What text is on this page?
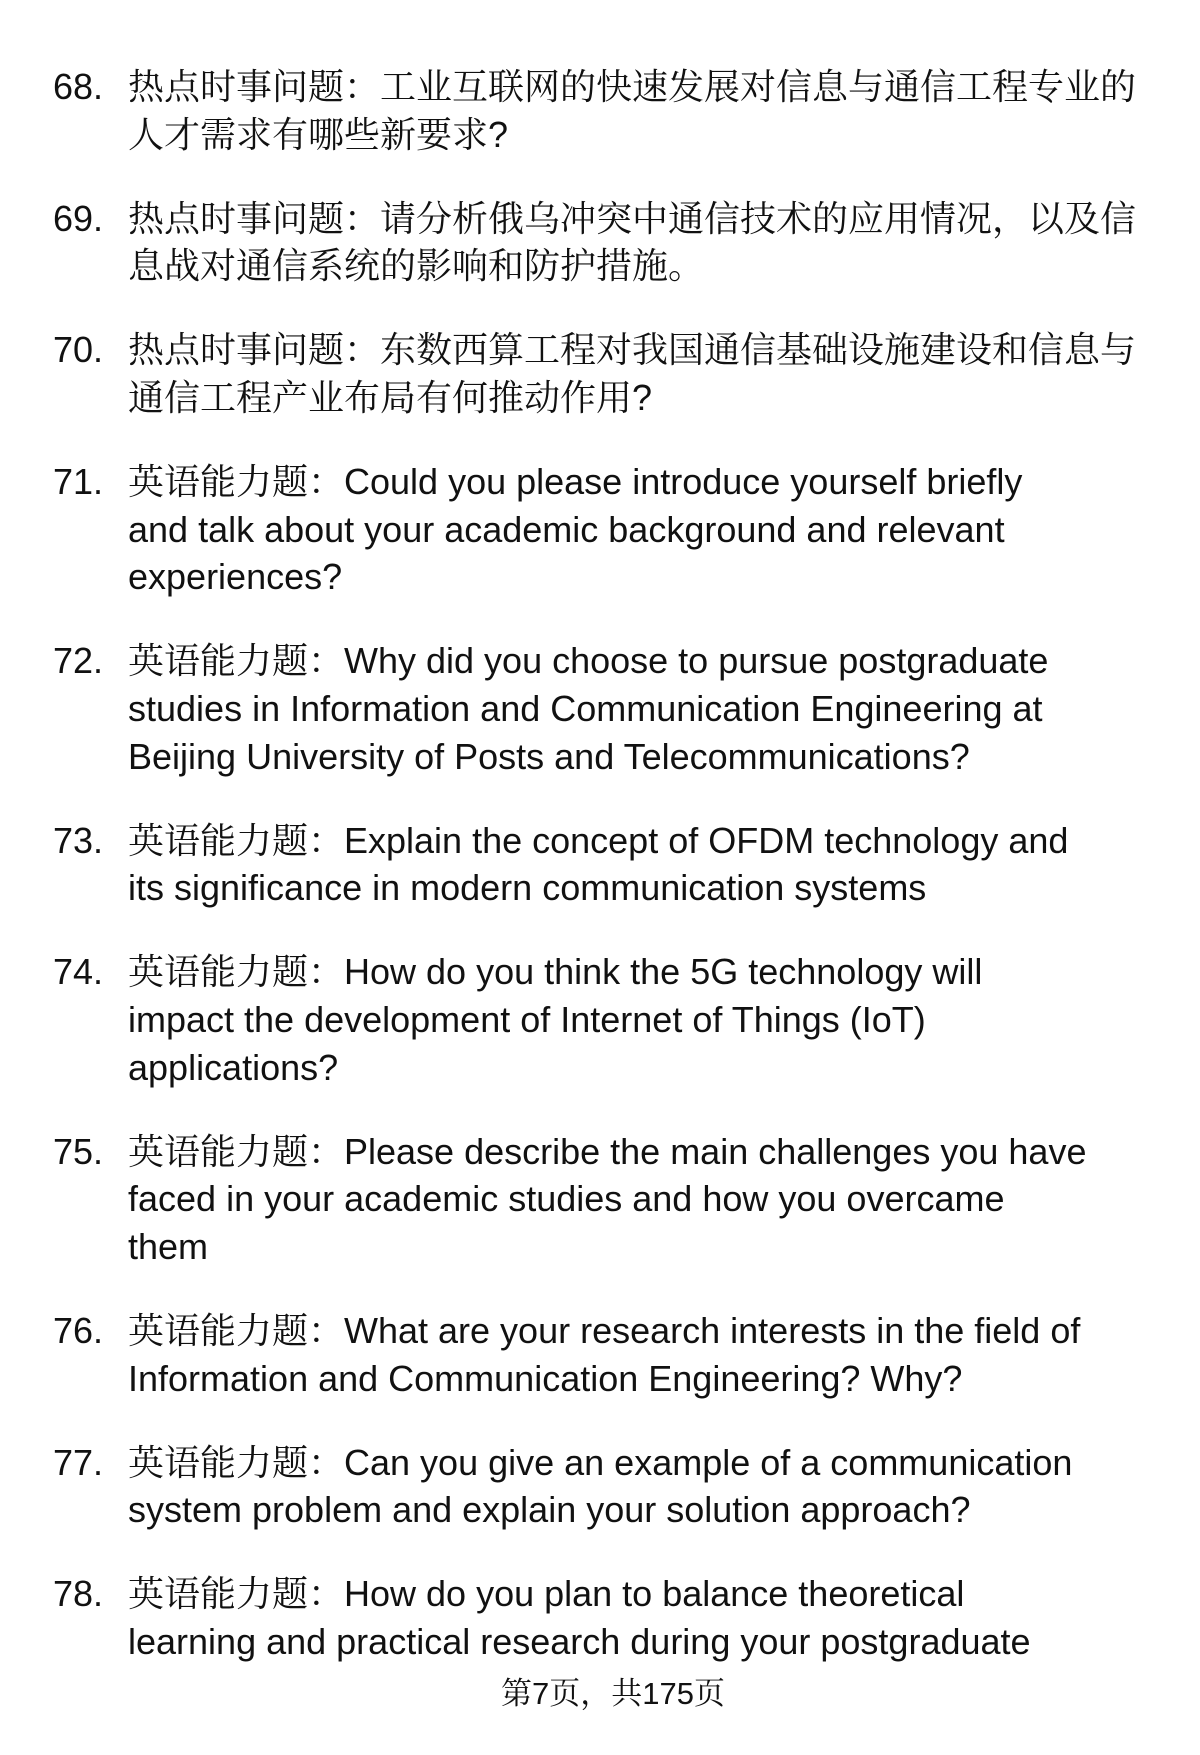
68. 热点时事问题：工业互联网的快速发展对信息与通信工程专业的
人才需求有哪些新要求?
69. 热点时事问题：请分析俄乌冲突中通信技术的应用情况，以及信
息战对通信系统的影响和防护措施。
70. 热点时事问题：东数西算工程对我国通信基础设施建设和信息与
通信工程产业布局有何推动作用?
71. 英语能力题：Could you please introduce yourself briefly
and talk about your academic background and relevant
experiences?
72. 英语能力题：Why did you choose to pursue postgraduate
studies in Information and Communication Engineering at
Beijing University of Posts and Telecommunications?
73. 英语能力题：Explain the concept of OFDM technology and
its significance in modern communication systems
74. 英语能力题：How do you think the 5G technology will
impact the development of Internet of Things (IoT)
applications?
75. 英语能力题：Please describe the main challenges you have
faced in your academic studies and how you overcame
them
76. 英语能力题：What are your research interests in the field of
Information and Communication Engineering? Why?
77. 英语能力题：Can you give an example of a communication
system problem and explain your solution approach?
78. 英语能力题：How do you plan to balance theoretical
learning and practical research during your postgraduate
第7页，共175页
